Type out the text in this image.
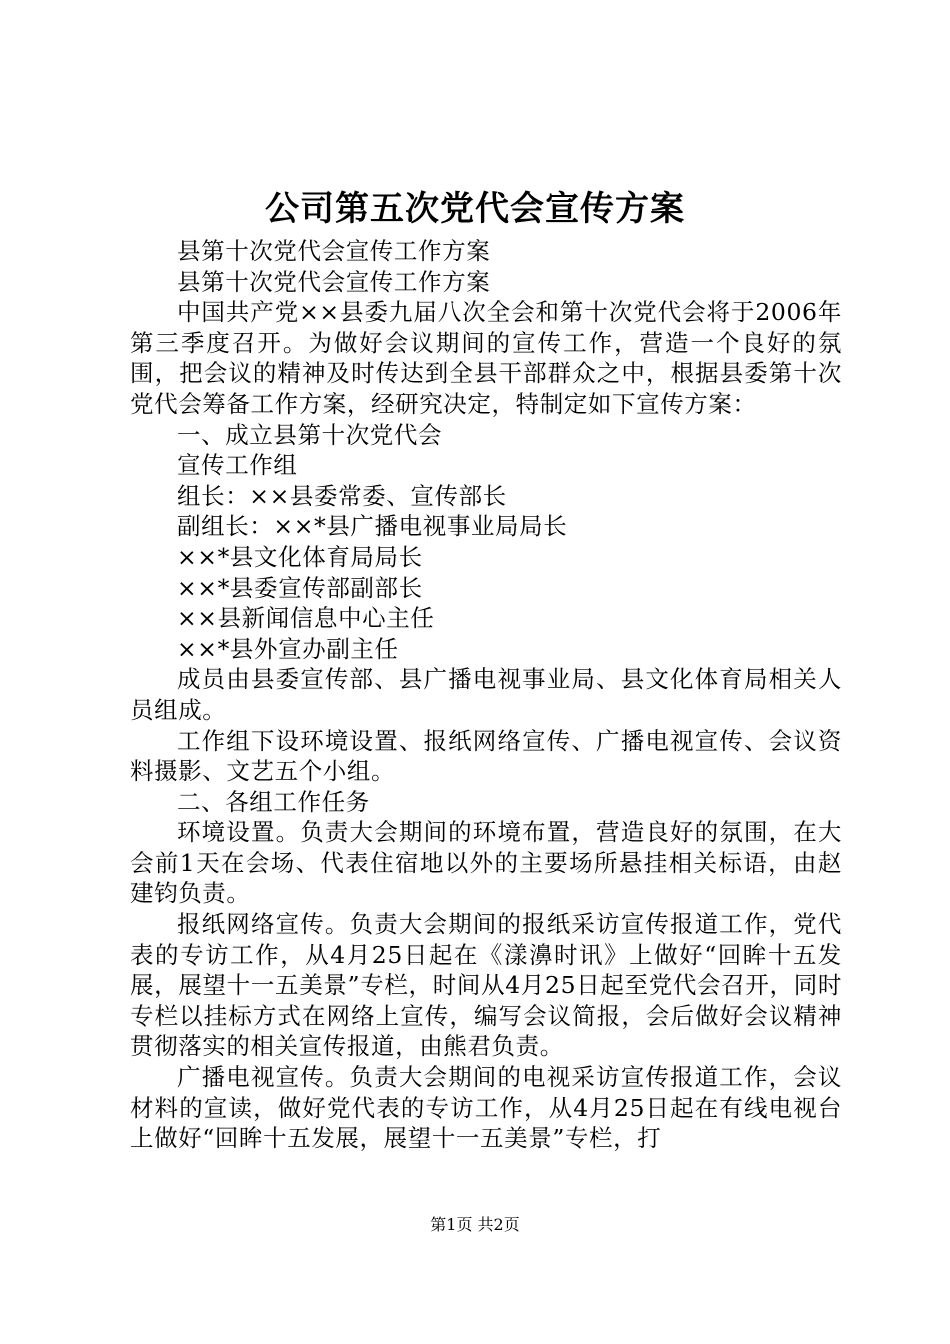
公司第五次党代会宣传方案

县第十次党代会宣传工作方案

县第十次党代会宣传工作方案

中国共产党××县委九届八次全会和第十次党代会将于2006年第三季度召开。为做好会议期间的宣传工作，营造一个良好的氛围，把会议的精神及时传达到全县干部群众之中，根据县委第十次党代会筹备工作方案，经研究决定，特制定如下宣传方案：

一、成立县第十次党代会

宣传工作组

组长：××县委常委、宣传部长

副组长：××*县广播电视事业局局长

××*县文化体育局局长

××*县委宣传部副部长

××县新闻信息中心主任

××*县外宣办副主任

成员由县委宣传部、县广播电视事业局、县文化体育局相关人员组成。

工作组下设环境设置、报纸网络宣传、广播电视宣传、会议资料摄影、文艺五个小组。

二、各组工作任务

环境设置。负责大会期间的环境布置，营造良好的氛围，在大会前1天在会场、代表住宿地以外的主要场所悬挂相关标语，由赵建钧负责。

报纸网络宣传。负责大会期间的报纸采访宣传报道工作，党代表的专访工作，从4月25日起在《漾濞时讯》上做好“回眸十五发展，展望十一五美景”专栏，时间从4月25日起至党代会召开，同时专栏以挂标方式在网络上宣传，编写会议简报，会后做好会议精神贯彻落实的相关宣传报道，由熊君负责。

广播电视宣传。负责大会期间的电视采访宣传报道工作，会议材料的宣读，做好党代表的专访工作，从4月25日起在有线电视台上做好“回眸十五发展，展望十一五美景”专栏，打

第1页 共2页
